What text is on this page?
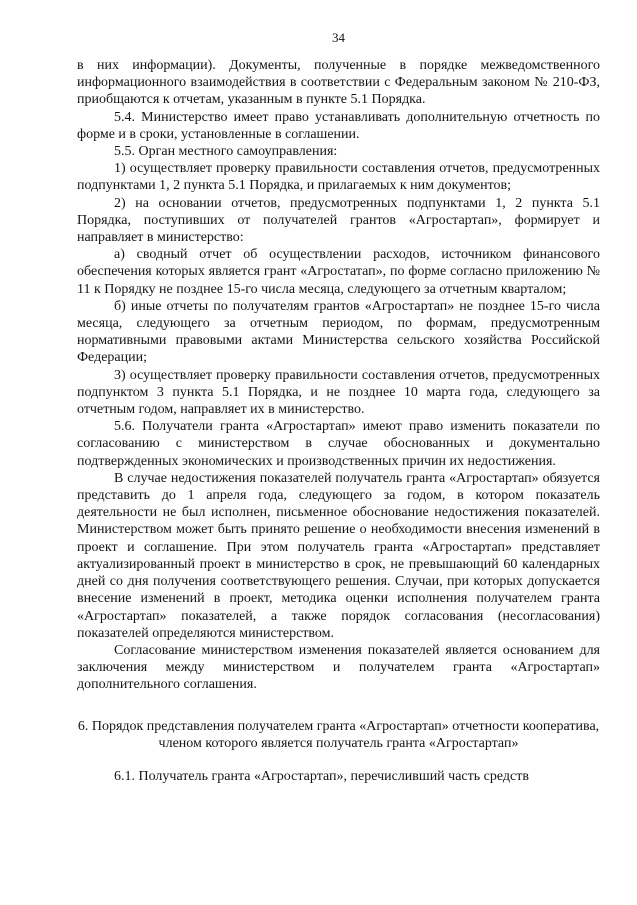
34

в них информации). Документы, полученные в порядке межведомственного информационного взаимодействия в соответствии с Федеральным законом № 210-ФЗ, приобщаются к отчетам, указанным в пункте 5.1 Порядка.

5.4. Министерство имеет право устанавливать дополнительную отчетность по форме и в сроки, установленные в соглашении.

5.5. Орган местного самоуправления:

1) осуществляет проверку правильности составления отчетов, предусмотренных подпунктами 1, 2 пункта 5.1 Порядка, и прилагаемых к ним документов;

2) на основании отчетов, предусмотренных подпунктами 1, 2 пункта 5.1 Порядка, поступивших от получателей грантов «Агростартап», формирует и направляет в министерство:

а) сводный отчет об осуществлении расходов, источником финансового обеспечения которых является грант «Агростатап», по форме согласно приложению № 11 к Порядку не позднее 15-го числа месяца, следующего за отчетным кварталом;

б) иные отчеты по получателям грантов «Агростартап» не позднее 15-го числа месяца, следующего за отчетным периодом, по формам, предусмотренным нормативными правовыми актами Министерства сельского хозяйства Российской Федерации;

3) осуществляет проверку правильности составления отчетов, предусмотренных подпунктом 3 пункта 5.1 Порядка, и не позднее 10 марта года, следующего за отчетным годом, направляет их в министерство.

5.6. Получатели гранта «Агростартап» имеют право изменить показатели по согласованию с министерством в случае обоснованных и документально подтвержденных экономических и производственных причин их недостижения.

В случае недостижения показателей получатель гранта «Агростартап» обязуется представить до 1 апреля года, следующего за годом, в котором показатель деятельности не был исполнен, письменное обоснование недостижения показателей. Министерством может быть принято решение о необходимости внесения изменений в проект и соглашение. При этом получатель гранта «Агростартап» представляет актуализированный проект в министерство в срок, не превышающий 60 календарных дней со дня получения соответствующего решения. Случаи, при которых допускается внесение изменений в проект, методика оценки исполнения получателем гранта «Агростартап» показателей, а также порядок согласования (несогласования) показателей определяются министерством.

Согласование министерством изменения показателей является основанием для заключения между министерством и получателем гранта «Агростартап» дополнительного соглашения.

6. Порядок представления получателем гранта «Агростартап» отчетности кооператива, членом которого является получатель гранта «Агростартап»

6.1. Получатель гранта «Агростартап», перечисливший часть средств
